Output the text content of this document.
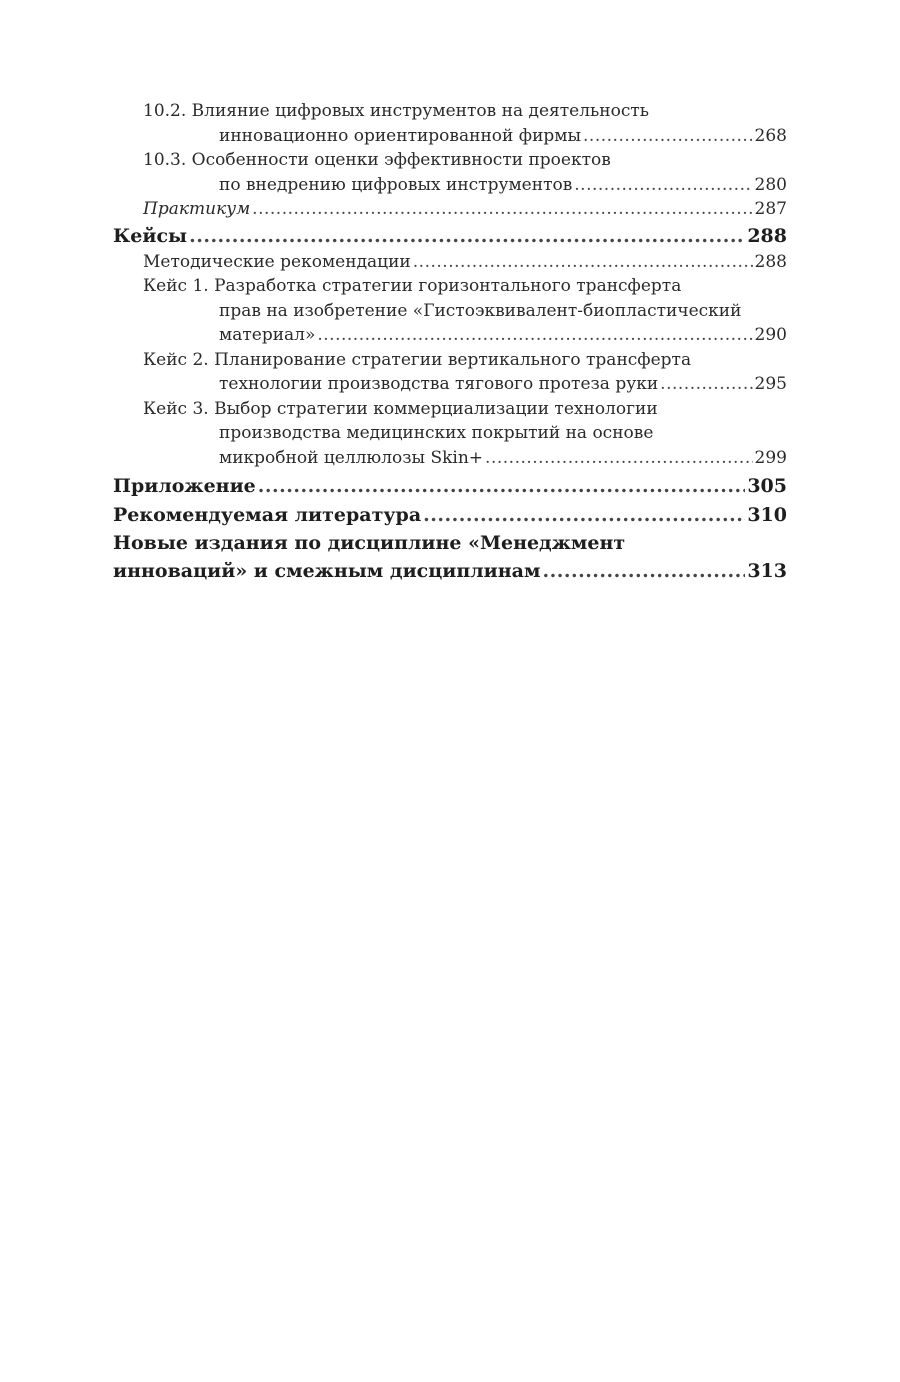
10.2. Влияние цифровых инструментов на деятельность
инновационно ориентированной фирмы .....	268
10.3. Особенности оценки эффективности проектов
по внедрению цифровых инструментов .....	280
Практикум .....	287
Кейсы .....	288
Методические рекомендации .....	288
Кейс 1. Разработка стратегии горизонтального трансферта
прав на изобретение «Гистоэквивалент-биопластический
материал» .....	290
Кейс 2. Планирование стратегии вертикального трансферта
технологии производства тягового протеза руки .....	295
Кейс 3. Выбор стратегии коммерциализации технологии
производства медицинских покрытий на основе
микробной целлюлозы Skin+ .....	299
Приложение .....	305
Рекомендуемая литература .....	310
Новые издания по дисциплине «Менеджмент
инноваций» и смежным дисциплинам .....	313
